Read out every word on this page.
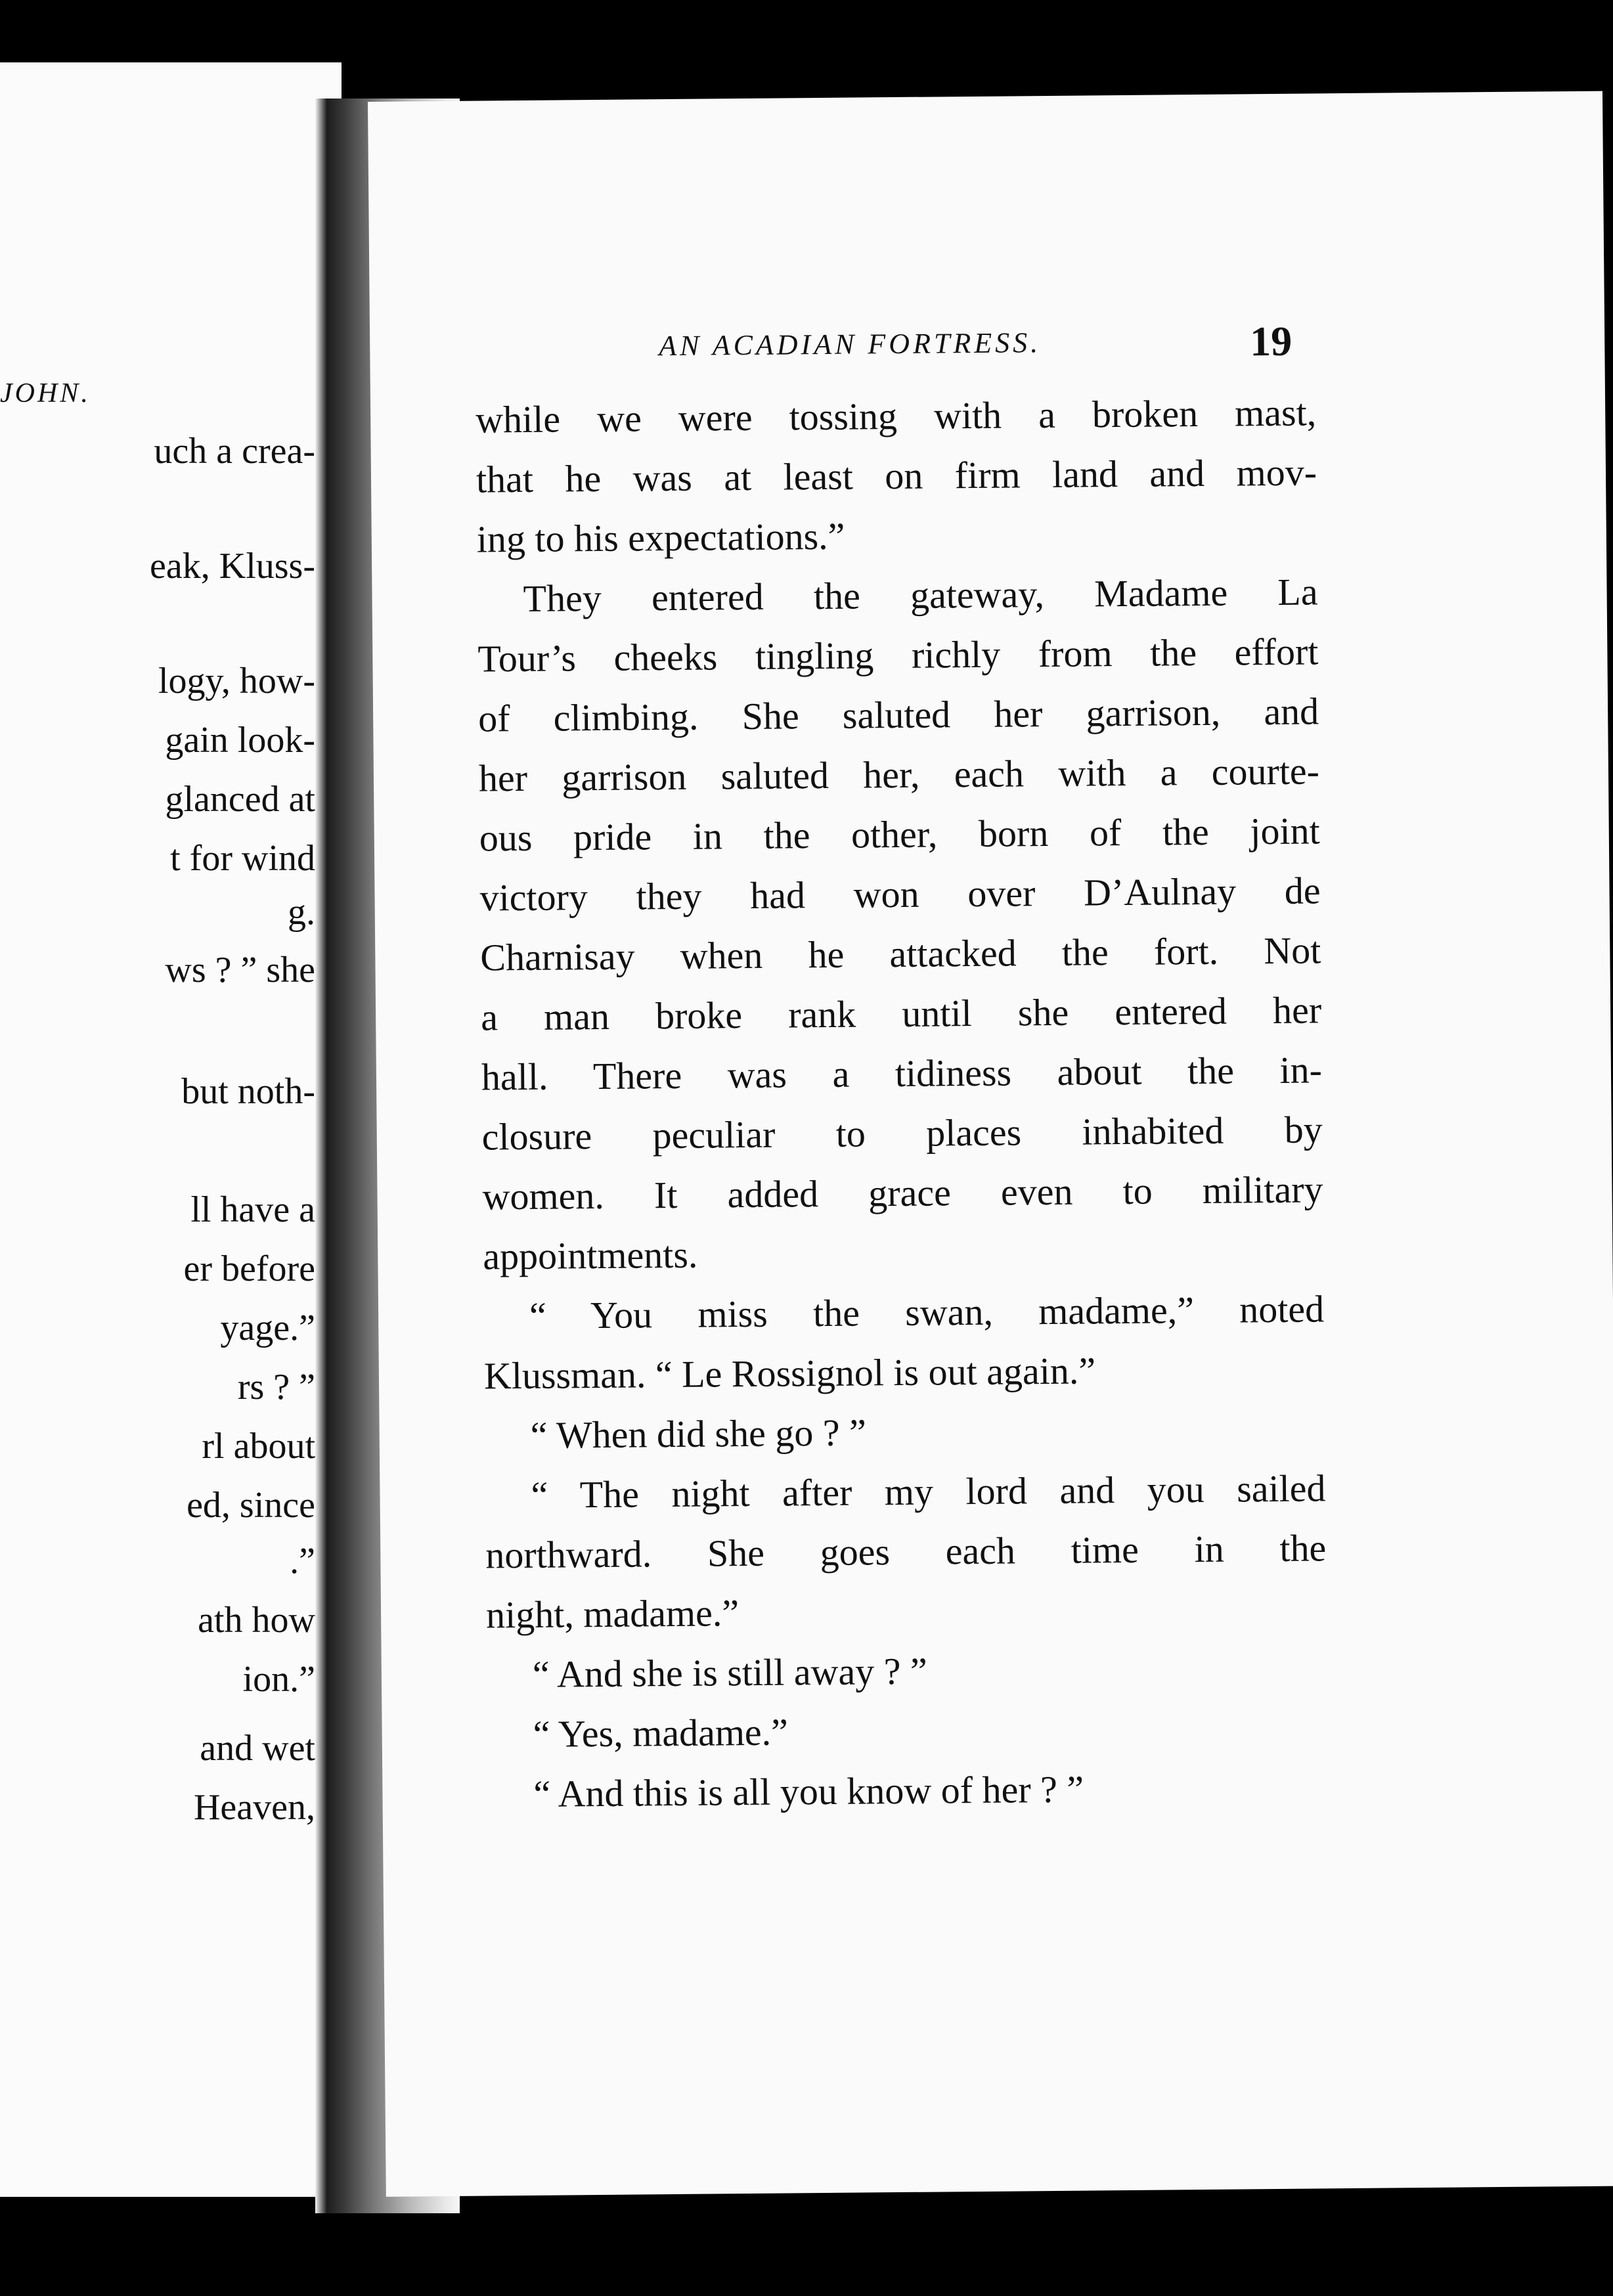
JOHN.

uch a crea-

eak, Kluss-

logy, how-

gain look-

glanced at

t for wind

g.

ws ? ” she

but noth-

ll have a

er before

yage.”

rs ? ”

rl about

ed, since

.”

ath how

ion.”

and wet

Heaven,

AN ACADIAN FORTRESS.	19

while we were tossing with a broken mast,

that he was at least on firm land and mov-

ing to his expectations.”

They entered the gateway, Madame La

Tour’s cheeks tingling richly from the effort

of climbing. She saluted her garrison, and

her garrison saluted her, each with a courte-

ous pride in the other, born of the joint

victory they had won over D’Aulnay de

Charnisay when he attacked the fort. Not

a man broke rank until she entered her

hall. There was a tidiness about the in-

closure peculiar to places inhabited by

women. It added grace even to military

appointments.

“ You miss the swan, madame,” noted

Klussman. “ Le Rossignol is out again.”

“ When did she go ? ”

“ The night after my lord and you sailed

northward. She goes each time in the

night, madame.”

“ And she is still away ? ”

“ Yes, madame.”

“ And this is all you know of her ? ”
